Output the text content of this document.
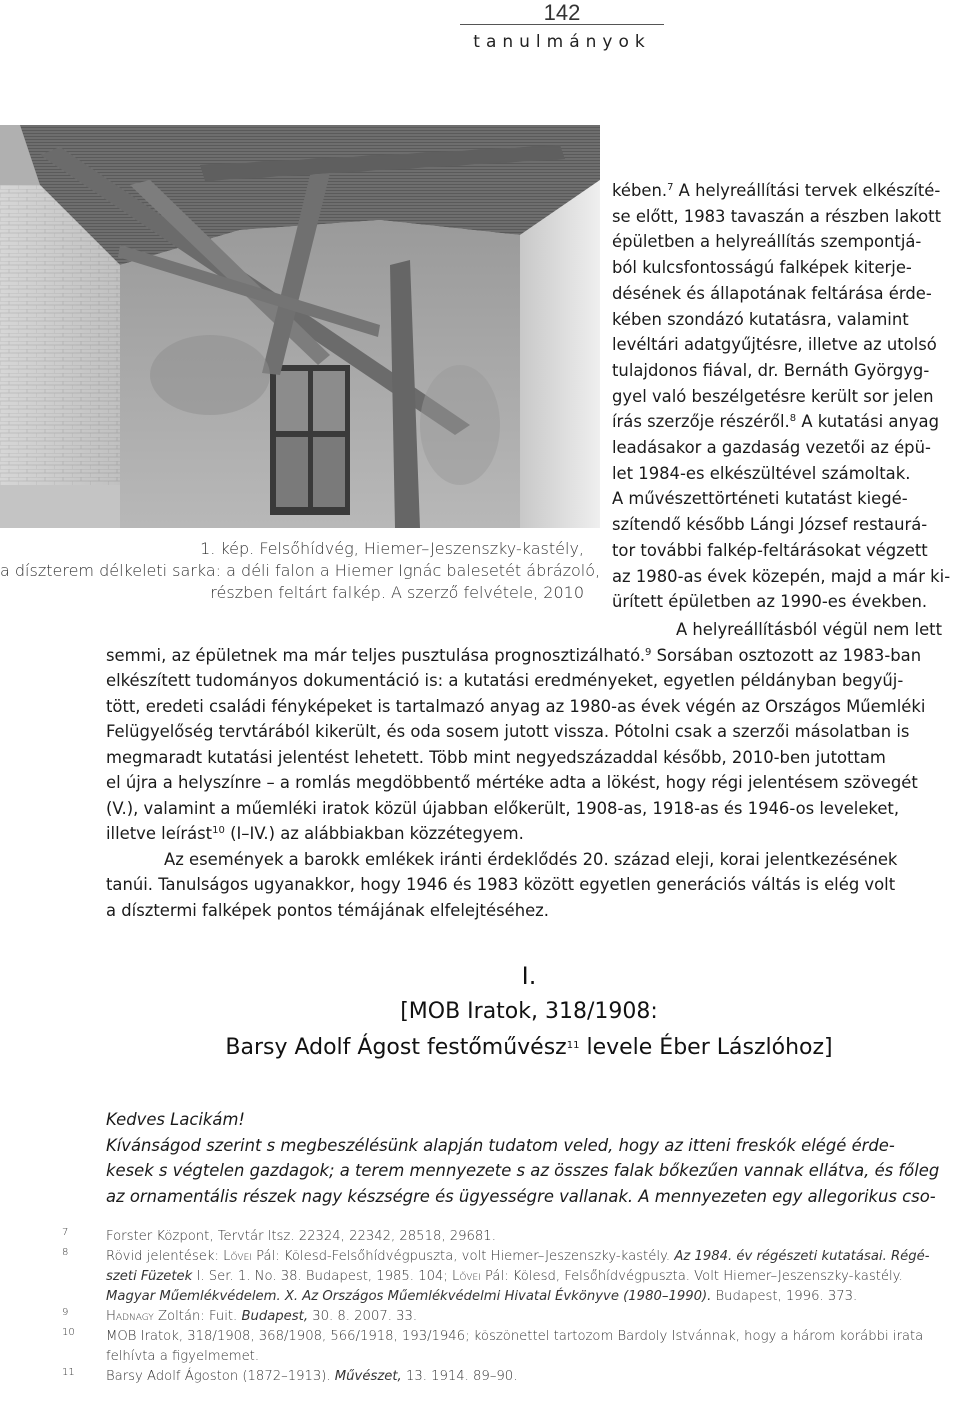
142
tanulmányok
1. kép. Felsőhídvég, Hiemer–Jeszenszky-kastély,
a díszterem délkeleti sarka: a déli falon a Hiemer Ignác balesetét ábrázoló,
részben feltárt falkép. A szerző felvétele, 2010
kében.$^7$ A helyreállítási tervek elkészíté-
se előtt, 1983 tavaszán a részben lakott
épületben a helyreállítás szempontjá-
ból kulcsfontosságú falképek kiterje-
désének és állapotának feltárása érde-
kében szondázó kutatásra, valamint
levéltári adatgyűjtésre, illetve az utolsó
tulajdonos fiával, dr. Bernáth Györgyg-
gyel való beszélgetésre került sor jelen
írás szerzője részéről.$^8$ A kutatási anyag
leadásakor a gazdaság vezetői az épü-
let 1984-es elkészültével számoltak.
A művészettörténeti kutatást kiegé-
szítendő később Lángi József restaurá-
tor további falkép-feltárásokat végzett
az 1980-as évek közepén, majd a már ki-
ürített épületben az 1990-es években.
A helyreállításból végül nem lett
semmi, az épületnek ma már teljes pusztulása prognosztizálható.$^9$ Sorsában osztozott az 1983-ban
elkészített tudományos dokumentáció is: a kutatási eredményeket, egyetlen példányban begyűj-
tött, eredeti családi fényképeket is tartalmazó anyag az 1980-as évek végén az Országos Műemléki
Felügyelőség tervtárából kikerült, és oda sosem jutott vissza. Pótolni csak a szerzői másolatban is
megmaradt kutatási jelentést lehetett. Több mint negyedszázaddal később, 2010-ben jutottam
el újra a helyszínre – a romlás megdöbbentő mértéke adta a lökést, hogy régi jelentésem szövegét
(V.), valamint a műemléki iratok közül újabban előkerült, 1908-as, 1918-as és 1946-os leveleket,
illetve leírást$^{10}$ (I–IV.) az alábbiakban közzétegyem.
Az események a barokk emlékek iránti érdeklődés 20. század eleji, korai jelentkezésének
tanúi. Tanulságos ugyanakkor, hogy 1946 és 1983 között egyetlen generációs váltás is elég volt
a dísztermi falképek pontos témájának elfelejtéséhez.
I.
[MOB Iratok, 318/1908:
Barsy Adolf Ágost festőművész$^{11}$ levele Éber Lászlóhoz]
Kedves Lacikám!
Kívánságod szerint s megbeszélésünk alapján tudatom veled, hogy az itteni freskók elégé érde-
kesek s végtelen gazdagok; a terem mennyezete s az összes falak bőkezűen vannak ellátva, és főleg
az ornamentális részek nagy készségre és ügyességre vallanak. A mennyezeten egy allegorikus cso-
7	Forster Központ, Tervtár ltsz. 22324, 22342, 28518, 29681.
8	Rövid jelentések: Lővei Pál: Kölesd-Felsőhídvégpuszta, volt Hiemer–Jeszenszky-kastély. Az 1984. év régészeti kutatásai. Régé-
szeti Füzetek I. Ser. 1. No. 38. Budapest, 1985. 104; Lővei Pál: Kölesd, Felsőhídvégpuszta. Volt Hiemer–Jeszenszky-kastély.
Magyar Műemlékvédelem. X. Az Országos Műemlékvédelmi Hivatal Évkönyve (1980–1990). Budapest, 1996. 373.
9	Hadnagy Zoltán: Fuit. Budapest, 30. 8. 2007. 33.
10 MOB Iratok, 318/1908, 368/1908, 566/1918, 193/1946; köszönettel tartozom Bardoly Istvánnak, hogy a három korábbi irata
felhívta a figyelmemet.
11 Barsy Adolf Ágoston (1872–1913). Művészet, 13. 1914. 89–90.
